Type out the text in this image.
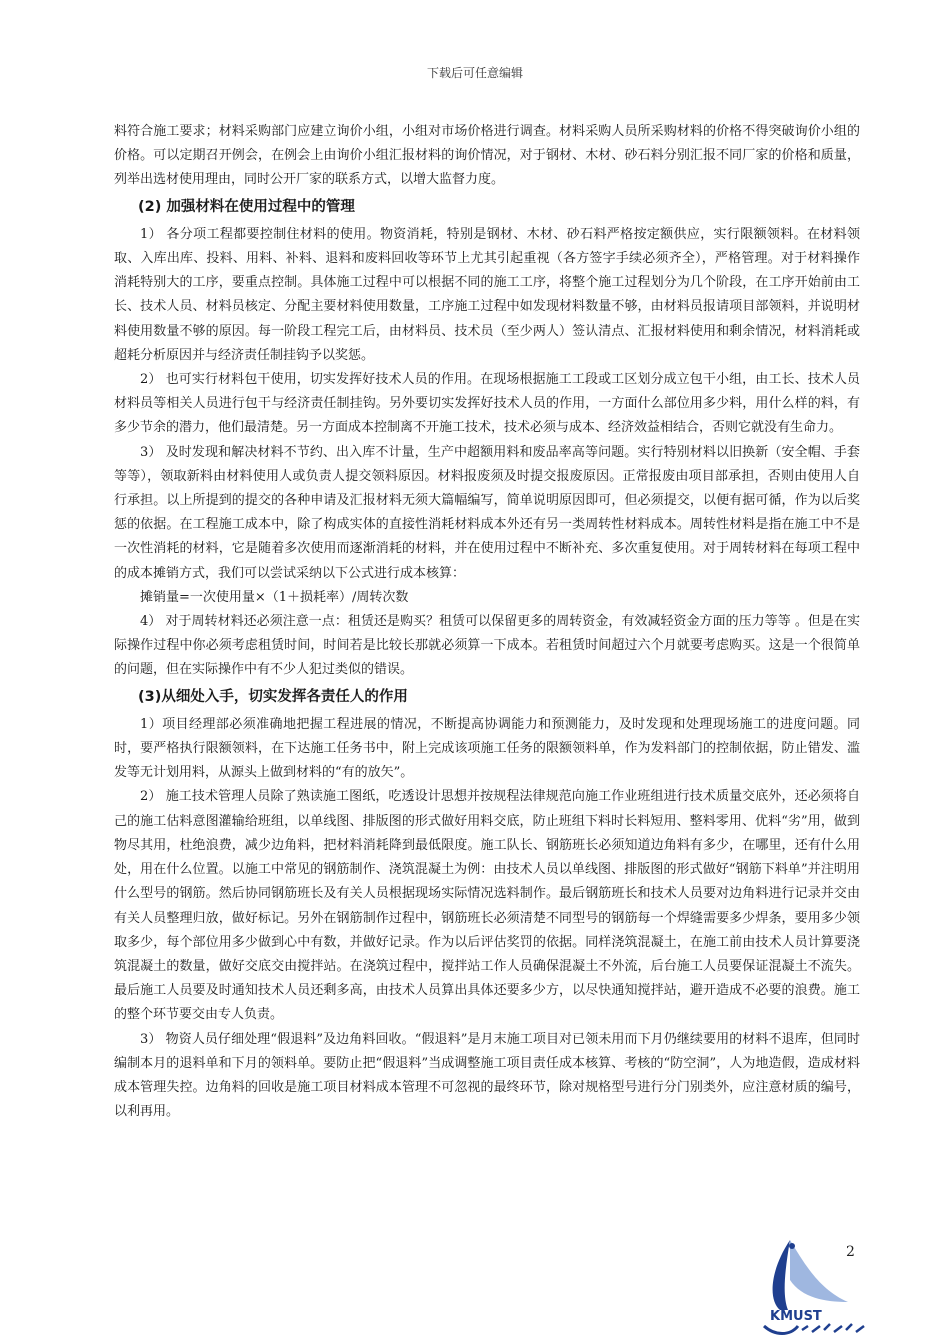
下载后可任意编辑

料符合施工要求；材料采购部门应建立询价小组，小组对市场价格进行调查。材料采购人员所采购材料的价格不得突破询价小组的价格。可以定期召开例会，在例会上由询价小组汇报材料的询价情况，对于钢材、木材、砂石料分别汇报不同厂家的价格和质量，列举出选材使用理由，同时公开厂家的联系方式，以增大监督力度。

(2) 加强材料在使用过程中的管理

1） 各分项工程都要控制住材料的使用。物资消耗，特别是钢材、木材、砂石料严格按定额供应，实行限额领料。在材料领取、入库出库、投料、用料、补料、退料和废料回收等环节上尤其引起重视（各方签字手续必须齐全），严格管理。对于材料操作消耗特别大的工序，要重点控制。具体施工过程中可以根据不同的施工工序，将整个施工过程划分为几个阶段，在工序开始前由工长、技术人员、材料员核定、分配主要材料使用数量，工序施工过程中如发现材料数量不够，由材料员报请项目部领料，并说明材料使用数量不够的原因。每一阶段工程完工后，由材料员、技术员（至少两人）签认清点、汇报材料使用和剩余情况，材料消耗或超耗分析原因并与经济责任制挂钩予以奖惩。

2） 也可实行材料包干使用，切实发挥好技术人员的作用。在现场根据施工工段或工区划分成立包干小组，由工长、技术人员材料员等相关人员进行包干与经济责任制挂钩。另外要切实发挥好技术人员的作用，一方面什么部位用多少料，用什么样的料，有多少节余的潜力，他们最清楚。另一方面成本控制离不开施工技术，技术必须与成本、经济效益相结合，否则它就没有生命力。

3） 及时发现和解决材料不节约、出入库不计量，生产中超额用料和废品率高等问题。实行特别材料以旧换新（安全帽、手套等等），领取新料由材料使用人或负责人提交领料原因。材料报废须及时提交报废原因。正常报废由项目部承担，否则由使用人自行承担。以上所提到的提交的各种申请及汇报材料无须大篇幅编写，简单说明原因即可，但必须提交，以便有据可循，作为以后奖惩的依据。在工程施工成本中，除了构成实体的直接性消耗材料成本外还有另一类周转性材料成本。周转性材料是指在施工中不是一次性消耗的材料，它是随着多次使用而逐渐消耗的材料，并在使用过程中不断补充、多次重复使用。对于周转材料在每项工程中的成本摊销方式，我们可以尝试采纳以下公式进行成本核算：

摊销量=一次使用量×（1＋损耗率）/周转次数

4） 对于周转材料还必须注意一点：租赁还是购买？租赁可以保留更多的周转资金，有效减轻资金方面的压力等等 。但是在实际操作过程中你必须考虑租赁时间，时间若是比较长那就必须算一下成本。若租赁时间超过六个月就要考虑购买。这是一个很简单的问题，但在实际操作中有不少人犯过类似的错误。

(3)从细处入手，切实发挥各责任人的作用

1）项目经理部必须准确地把握工程进展的情况，不断提高协调能力和预测能力，及时发现和处理现场施工的进度问题。同时，要严格执行限额领料，在下达施工任务书中，附上完成该项施工任务的限额领料单，作为发料部门的控制依据，防止错发、滥发等无计划用料，从源头上做到材料的“有的放矢”。

2） 施工技术管理人员除了熟读施工图纸，吃透设计思想并按规程法律规范向施工作业班组进行技术质量交底外，还必须将自己的施工估料意图灌输给班组，以单线图、排版图的形式做好用料交底，防止班组下料时长料短用、整料零用、优料“劣”用，做到物尽其用，杜绝浪费，减少边角料，把材料消耗降到最低限度。施工队长、钢筋班长必须知道边角料有多少，在哪里，还有什么用处，用在什么位置。以施工中常见的钢筋制作、浇筑混凝土为例：由技术人员以单线图、排版图的形式做好“钢筋下料单”并注明用什么型号的钢筋。然后协同钢筋班长及有关人员根据现场实际情况选料制作。最后钢筋班长和技术人员要对边角料进行记录并交由有关人员整理归放，做好标记。另外在钢筋制作过程中，钢筋班长必须清楚不同型号的钢筋每一个焊缝需要多少焊条，要用多少领取多少，每个部位用多少做到心中有数，并做好记录。作为以后评估奖罚的依据。同样浇筑混凝土，在施工前由技术人员计算要浇筑混凝土的数量，做好交底交由搅拌站。在浇筑过程中，搅拌站工作人员确保混凝土不外流，后台施工人员要保证混凝土不流失。最后施工人员要及时通知技术人员还剩多高，由技术人员算出具体还要多少方，以尽快通知搅拌站，避开造成不必要的浪费。施工的整个环节要交由专人负责。

3） 物资人员仔细处理“假退料”及边角料回收。“假退料”是月末施工项目对已领未用而下月仍继续要用的材料不退库，但同时编制本月的退料单和下月的领料单。要防止把“假退料”当成调整施工项目责任成本核算、考核的“防空洞”，人为地造假，造成材料成本管理失控。边角料的回收是施工项目材料成本管理不可忽视的最终环节，除对规格型号进行分门别类外，应注意材质的编号，以利再用。

2
KMUST
